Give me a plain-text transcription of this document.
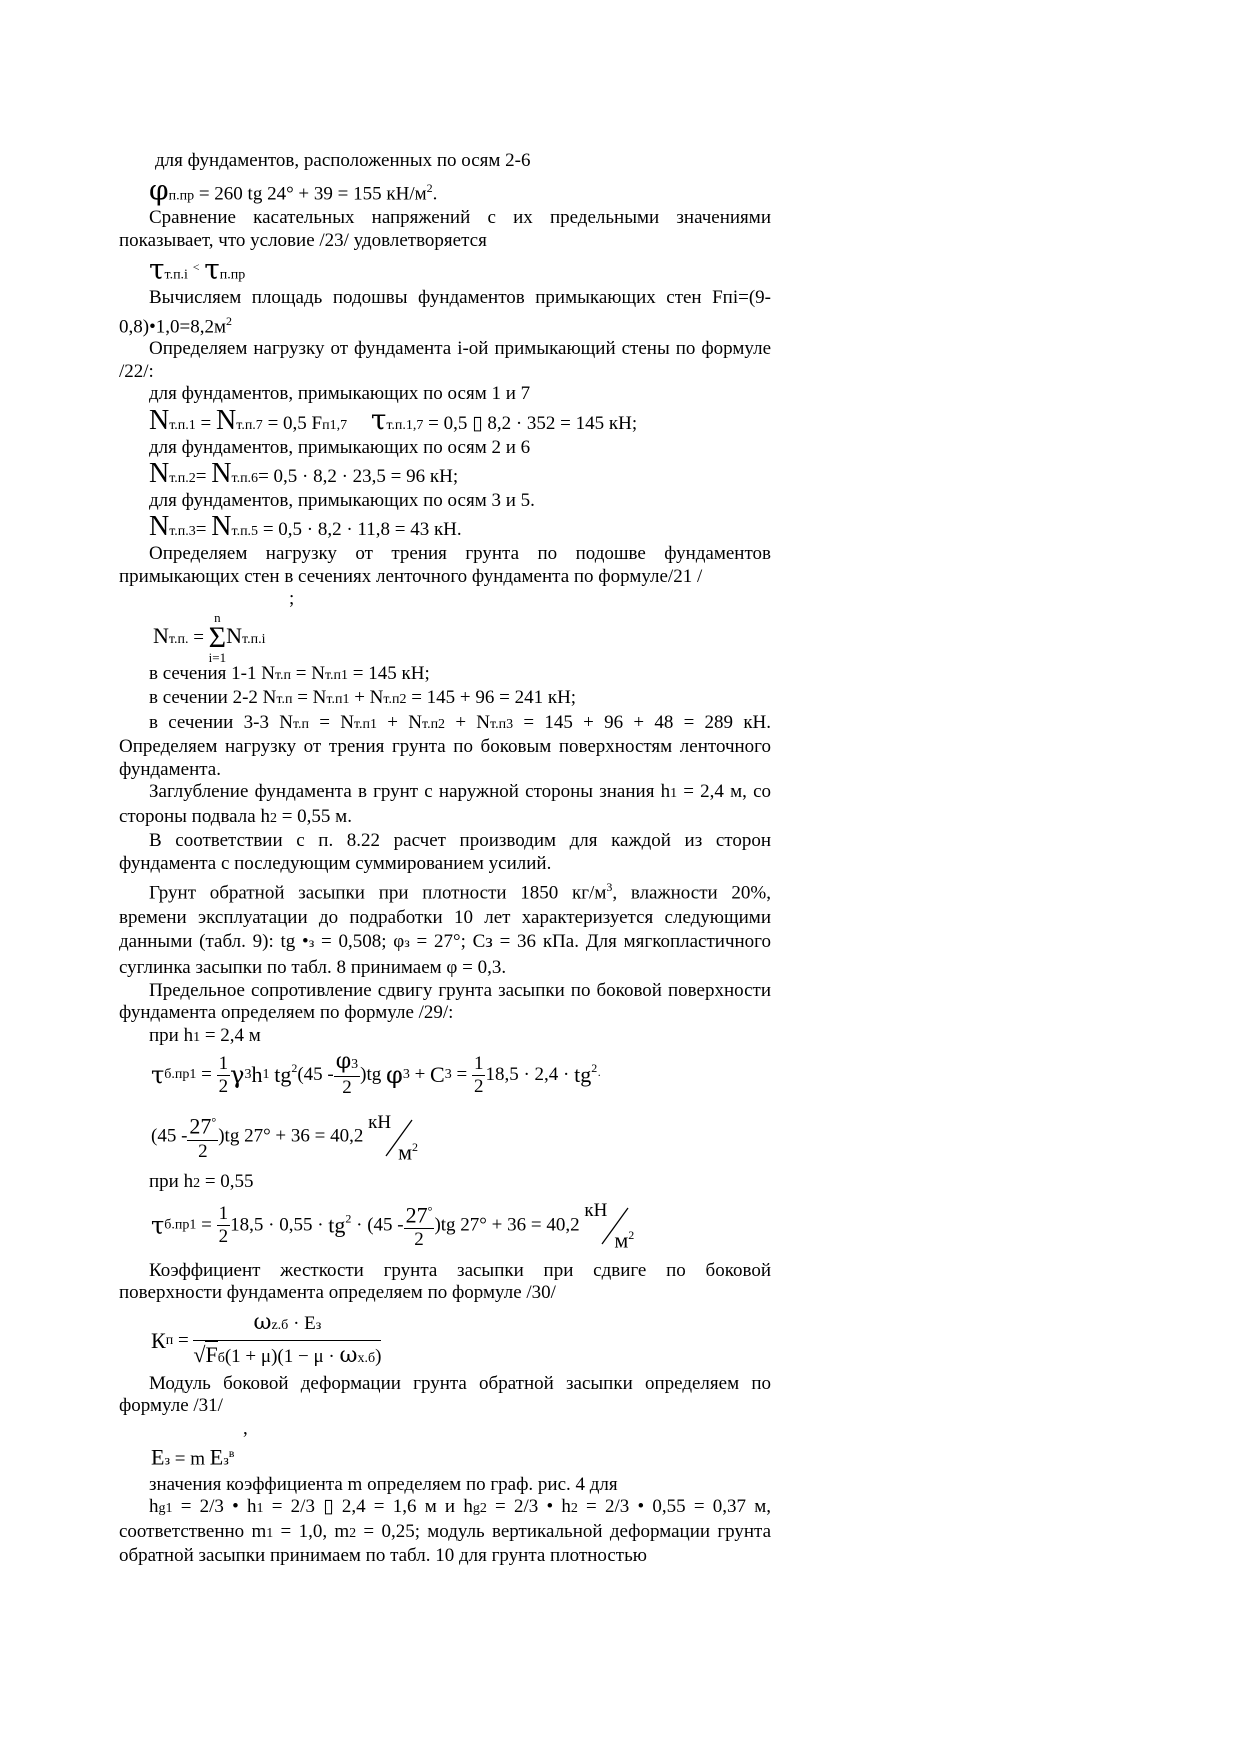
для фундаментов, расположенных по осям 2-6

φп.пр = 260 tg 24° + 39 = 155 $кН/м^2$.

Сравнение касательных напряжений с их предельными значениями показывает, что условие /23/ удовлетворяется

τт.п.i < τп.пр

Вычисляем площадь подошвы фундаментов примыкающих стен $Fпi=(9-0,8)•1,0=8,2м^2$

Определяем нагрузку от фундамента i-ой примыкающий стены по формуле /22/:

для фундаментов, примыкающих по осям 1 и 7

Nт.п.1 = Nт.п.7 = 0,5 Fп1,7 τт.п.1,7 = 0,5 ▯ 8,2 · 352 = 145 кН;

для фундаментов, примыкающих по осям 2 и 6

Nт.п.2= Nт.п.6= 0,5 · 8,2 · 23,5 = 96 кН;

для фундаментов, примыкающих по осям 3 и 5.

Nт.п.3= Nт.п.5 = 0,5 · 8,2 · 11,8 = 43 кН.

Определяем нагрузку от трения грунта по подошве фундаментов примыкающих стен в сечениях ленточного фундамента по формуле/21 /

;

Nт.п. =
n
Σ
i=1
Nт.п.i

в сечения 1-1 Nт.п = Nт.п1 = 145 кН;

в сечении 2-2 Nт.п = Nт.п1 + Nт.п2 = 145 + 96 = 241 кН;

в сечении 3-3 Nт.п = Nт.п1 + Nт.п2 + Nт.п3 = 145 + 96 + 48 = 289 кН. Определяем нагрузку от трения грунта по боковым поверхностям ленточного фундамента.

Заглубление фундамента в грунт с наружной стороны знания h1 = 2,4 м, со стороны подвала h2 = 0,55 м.

В соответствии с п. 8.22 расчет производим для каждой из сторон фундамента с последующим суммированием усилий.

Грунт обратной засыпки при плотности 1850 $кг/м^3$, влажности 20%, времени эксплуатации до подработки 10 лет характеризуется следующими данными (табл. 9): tg •з = 0,508; φз = 27°; Сз = 36 кПа. Для мягкопластичного суглинка засыпки по табл. 8 принимаем φ = 0,3.

Предельное сопротивление сдвигу грунта засыпки по боковой поверхности фундамента определяем по формуле /29/:

при h1 = 2,4 м

$\tau б.пр1 = \frac{1}{2} \gamma 3h1$ $tg^2(45 - \frac{\varphi 3}{2} )tg$ $\varphi 3 + C3 = \frac{1}{2} 18,5 \cdot 2,4 \cdot tg^2\cdot$
$(45 - \frac{27^\circ}{2} )tg$ 27° + 36 = 40,2
кН
$м^2$

при h2 = 0,55

$\tau б.пр1 = \frac{1}{2} 18,5 \cdot 0,55 \cdot tg^2 \cdot (45 - \frac{27^\circ}{2} )tg$ 27° + 36 = 40,2
кН
$м^2$

Коэффициент жесткости грунта засыпки при сдвиге по боковой поверхности фундамента определяем по формуле /30/

Кп = $\frac{\omega z.б \cdot Ез}{√Fб(1 + \mu)(1 - \mu \cdot \omega х.б)}$

Модуль боковой деформации грунта обратной засыпки определяем по формуле /31/

,

Ез = m $Ез^в$

значения коэффициента m определяем по граф. рис. 4 для

hg1 = 2/3 • h1 = 2/3 ▯ 2,4 = 1,6 м и hg2 = 2/3 • h2 = 2/3 • 0,55 = 0,37 м, соответственно m1 = 1,0, m2 = 0,25; модуль вертикальной деформации грунта обратной засыпки принимаем по табл. 10 для грунта плотностью
